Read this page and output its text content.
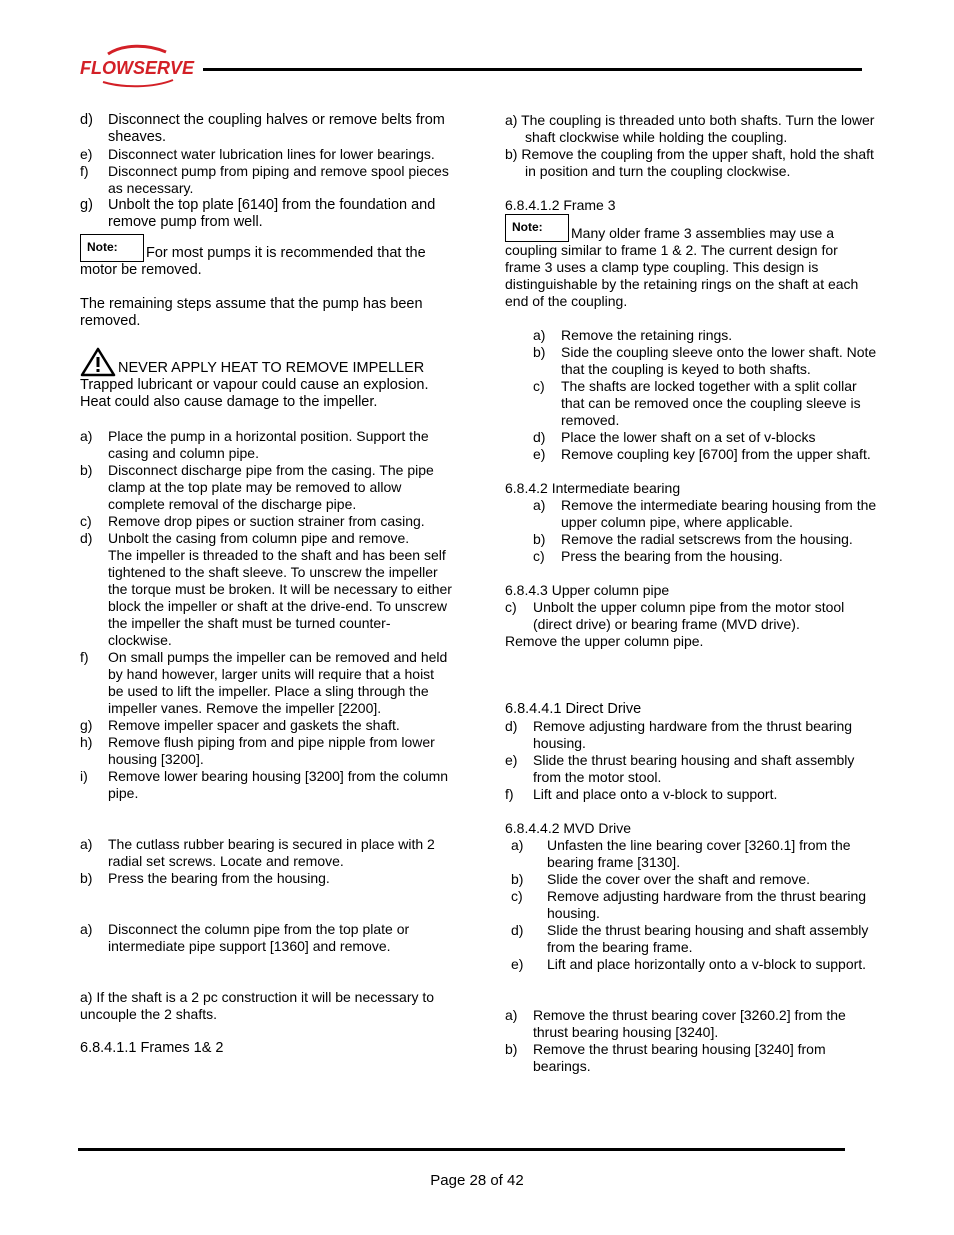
FLOWSERVE
d) Disconnect the coupling halves or remove belts from sheaves.
e) Disconnect water lubrication lines for lower bearings.
f) Disconnect pump from piping and remove spool pieces as necessary.
g) Unbolt the top plate [6140] from the foundation and remove pump from well.
Note: For most pumps it is recommended that the motor be removed.
The remaining steps assume that the pump has been removed.
NEVER APPLY HEAT TO REMOVE IMPELLER
Trapped lubricant or vapour could cause an explosion.
Heat could also cause damage to the impeller.
a) Place the pump in a horizontal position. Support the casing and column pipe.
b) Disconnect discharge pipe from the casing. The pipe clamp at the top plate may be removed to allow complete removal of the discharge pipe.
c) Remove drop pipes or suction strainer from casing.
d) Unbolt the casing from column pipe and remove.
The impeller is threaded to the shaft and has been self tightened to the shaft sleeve. To unscrew the impeller the torque must be broken. It will be necessary to either block the impeller or shaft at the drive-end. To unscrew the impeller the shaft must be turned counter-clockwise.
f) On small pumps the impeller can be removed and held by hand however, larger units will require that a hoist be used to lift the impeller. Place a sling through the impeller vanes. Remove the impeller [2200].
g) Remove impeller spacer and gaskets the shaft.
h) Remove flush piping from and pipe nipple from lower housing [3200].
i) Remove lower bearing housing [3200] from the column pipe.
a) The cutlass rubber bearing is secured in place with 2 radial set screws. Locate and remove.
b) Press the bearing from the housing.
a) Disconnect the column pipe from the top plate or intermediate pipe support [1360] and remove.
a) If the shaft is a 2 pc construction it will be necessary to uncouple the 2 shafts.
6.8.4.1.1 Frames 1& 2
a) The coupling is threaded unto both shafts. Turn the lower shaft clockwise while holding the coupling.
b) Remove the coupling from the upper shaft, hold the shaft in position and turn the coupling clockwise.
6.8.4.1.2 Frame 3
Note: Many older frame 3 assemblies may use a coupling similar to frame 1 & 2. The current design for frame 3 uses a clamp type coupling. This design is distinguishable by the retaining rings on the shaft at each end of the coupling.
a) Remove the retaining rings.
b) Side the coupling sleeve onto the lower shaft. Note that the coupling is keyed to both shafts.
c) The shafts are locked together with a split collar that can be removed once the coupling sleeve is removed.
d) Place the lower shaft on a set of v-blocks
e) Remove coupling key [6700] from the upper shaft.
6.8.4.2 Intermediate bearing
a) Remove the intermediate bearing housing from the upper column pipe, where applicable.
b) Remove the radial setscrews from the housing.
c) Press the bearing from the housing.
6.8.4.3 Upper column pipe
c) Unbolt the upper column pipe from the motor stool (direct drive) or bearing frame (MVD drive).
Remove the upper column pipe.
6.8.4.4.1 Direct Drive
d) Remove adjusting hardware from the thrust bearing housing.
e) Slide the thrust bearing housing and shaft assembly from the motor stool.
f) Lift and place onto a v-block to support.
6.8.4.4.2 MVD Drive
a) Unfasten the line bearing cover [3260.1] from the bearing frame [3130].
b) Slide the cover over the shaft and remove.
c) Remove adjusting hardware from the thrust bearing housing.
d) Slide the thrust bearing housing and shaft assembly from the bearing frame.
e) Lift and place horizontally onto a v-block to support.
a) Remove the thrust bearing cover [3260.2] from the thrust bearing housing [3240].
b) Remove the thrust bearing housing [3240] from bearings.
Page 28 of 42
